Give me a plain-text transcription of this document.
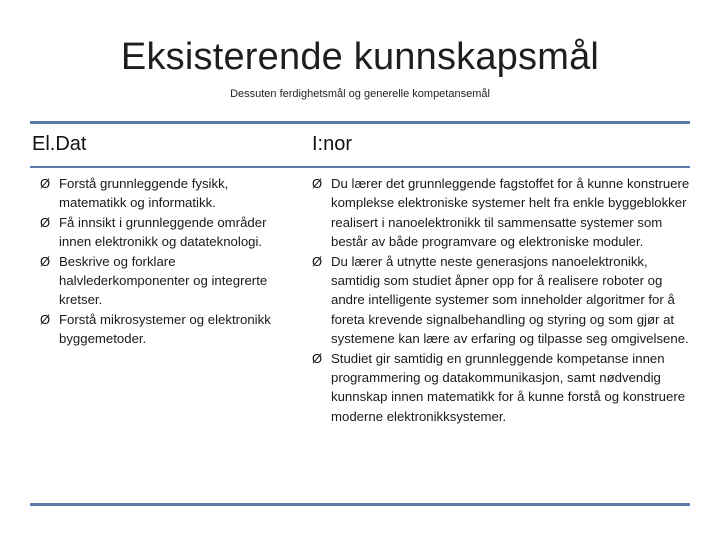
Eksisterende kunnskapsmål
Dessuten ferdighetsmål og generelle kompetansemål
El.Dat	I:nor
Ø Forstå grunnleggende fysikk, matematikk og informatikk.
Ø Få innsikt i grunnleggende områder innen elektronikk og datateknologi.
Ø Beskrive og forklare halvlederkomponenter og integrerte kretser.
Ø Forstå mikrosystemer og elektronikk byggemetoder.
Ø Du lærer det grunnleggende fagstoffet for å kunne konstruere komplekse elektroniske systemer helt fra enkle byggeblokker realisert i nanoelektronikk til sammensatte systemer som består av både programvare og elektroniske moduler.
Ø Du lærer å utnytte neste generasjons nanoelektronikk, samtidig som studiet åpner opp for å realisere roboter og andre intelligente systemer som inneholder algoritmer for å foreta krevende signalbehandling og styring og som gjør at systemene kan lære av erfaring og tilpasse seg omgivelsene.
Ø Studiet gir samtidig en grunnleggende kompetanse innen programmering og datakommunikasjon, samt nødvendig kunnskap innen matematikk for å kunne forstå og konstruere moderne elektronikksystemer.
